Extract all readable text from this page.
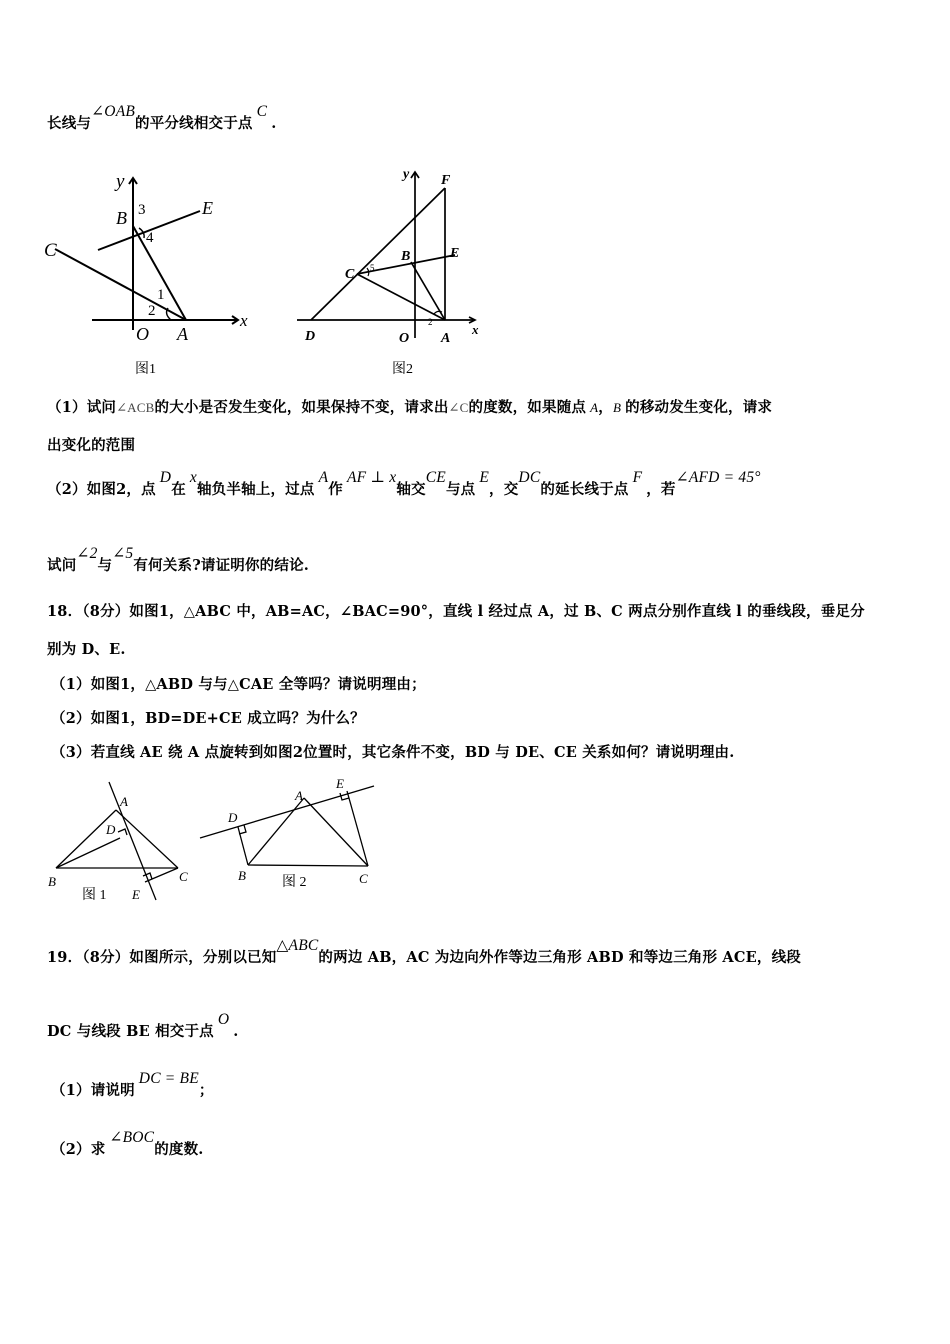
长线与∠OAB的平分线相交于点C.
y
x
B 3
4
E
C
1
2
O A
图1
y F
E
B
C 5
D	O A
x
2
图2
（1）试问∠ACB的大小是否发生变化，如果保持不变，请求出∠C的度数，如果随点 A，B 的移动发生变化，请求
出变化的范围
（2）如图2，点D在x轴负半轴上，过点A作AF ⊥ x轴交CE与点E，交DC的延长线于点F，若∠AFD = 45°
试问∠2与∠5有何关系?请证明你的结论.
18．（8分）如图1，△ABC 中，AB=AC，∠BAC=90°，直线 l 经过点 A，过 B、C 两点分别作直线 l 的垂线段，垂足分
别为 D、E.
（1）如图1，△ABD 与与△CAE 全等吗？请说明理由；
（2）如图1，BD=DE+CE 成立吗？为什么？
（3）若直线 AE 绕 A 点旋转到如图2位置时，其它条件不变，BD 与 DE、CE 关系如何？请说明理由.
A
D
B	C
E
图 1
E
A
D
B	C
图 2
19．（8分）如图所示，分别以已知△ABC的两边 AB，AC 为边向外作等边三角形 ABD 和等边三角形 ACE，线段
DC 与线段 BE 相交于点O.
（1）请说明DC = BE；
（2）求∠BOC的度数.
